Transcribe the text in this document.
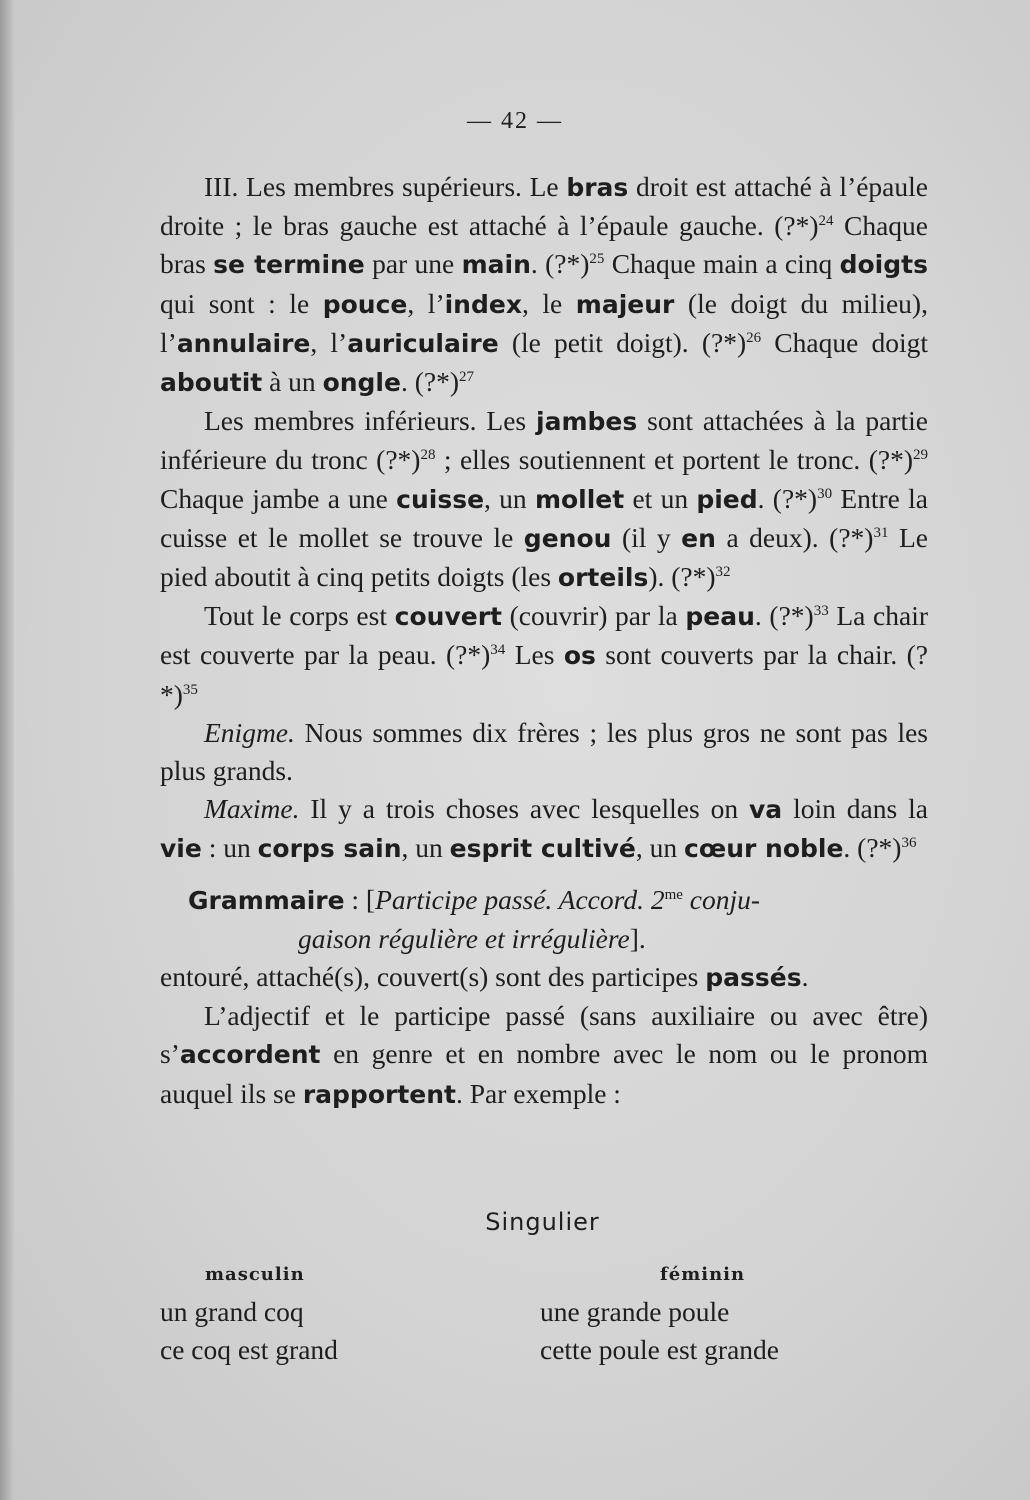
— 42 —

III. Les membres supérieurs. Le bras droit est attaché à l’épaule droite ; le bras gauche est attaché à l’épaule gauche. (?*)$^{24}$ Chaque bras se termine par une main. (?*)$^{25}$ Chaque main a cinq doigts qui sont : le pouce, l’index, le majeur (le doigt du milieu), l’annulaire, l’auriculaire (le petit doigt). (?*)$^{26}$ Chaque doigt aboutit à un ongle. (?*)$^{27}$

Les membres inférieurs. Les jambes sont attachées à la partie inférieure du tronc (?*)$^{28}$ ; elles soutiennent et portent le tronc. (?*)$^{29}$ Chaque jambe a une cuisse, un mollet et un pied. (?*)$^{30}$ Entre la cuisse et le mollet se trouve le genou (il y en a deux). (?*)$^{31}$ Le pied aboutit à cinq petits doigts (les orteils). (?*)$^{32}$

Tout le corps est couvert (couvrir) par la peau. (?*)$^{33}$ La chair est couverte par la peau. (?*)$^{34}$ Les os sont couverts par la chair. (?*)$^{35}$

Enigme. Nous sommes dix frères ; les plus gros ne sont pas les plus grands.

Maxime. Il y a trois choses avec lesquelles on va loin dans la vie : un corps sain, un esprit cultivé, un cœur noble. (?*)$^{36}$

Grammaire : [Participe passé. Accord. $2^{me}$ conju-

gaison régulière et irrégulière].

entouré, attaché(s), couvert(s) sont des participes passés.

L’adjectif et le participe passé (sans auxiliaire ou avec être) s’accordent en genre et en nombre avec le nom ou le pronom auquel ils se rapportent. Par exemple :

Singulier
masculin	féminin
un grand coq	une grande poule
ce coq est grand	cette poule est grande
